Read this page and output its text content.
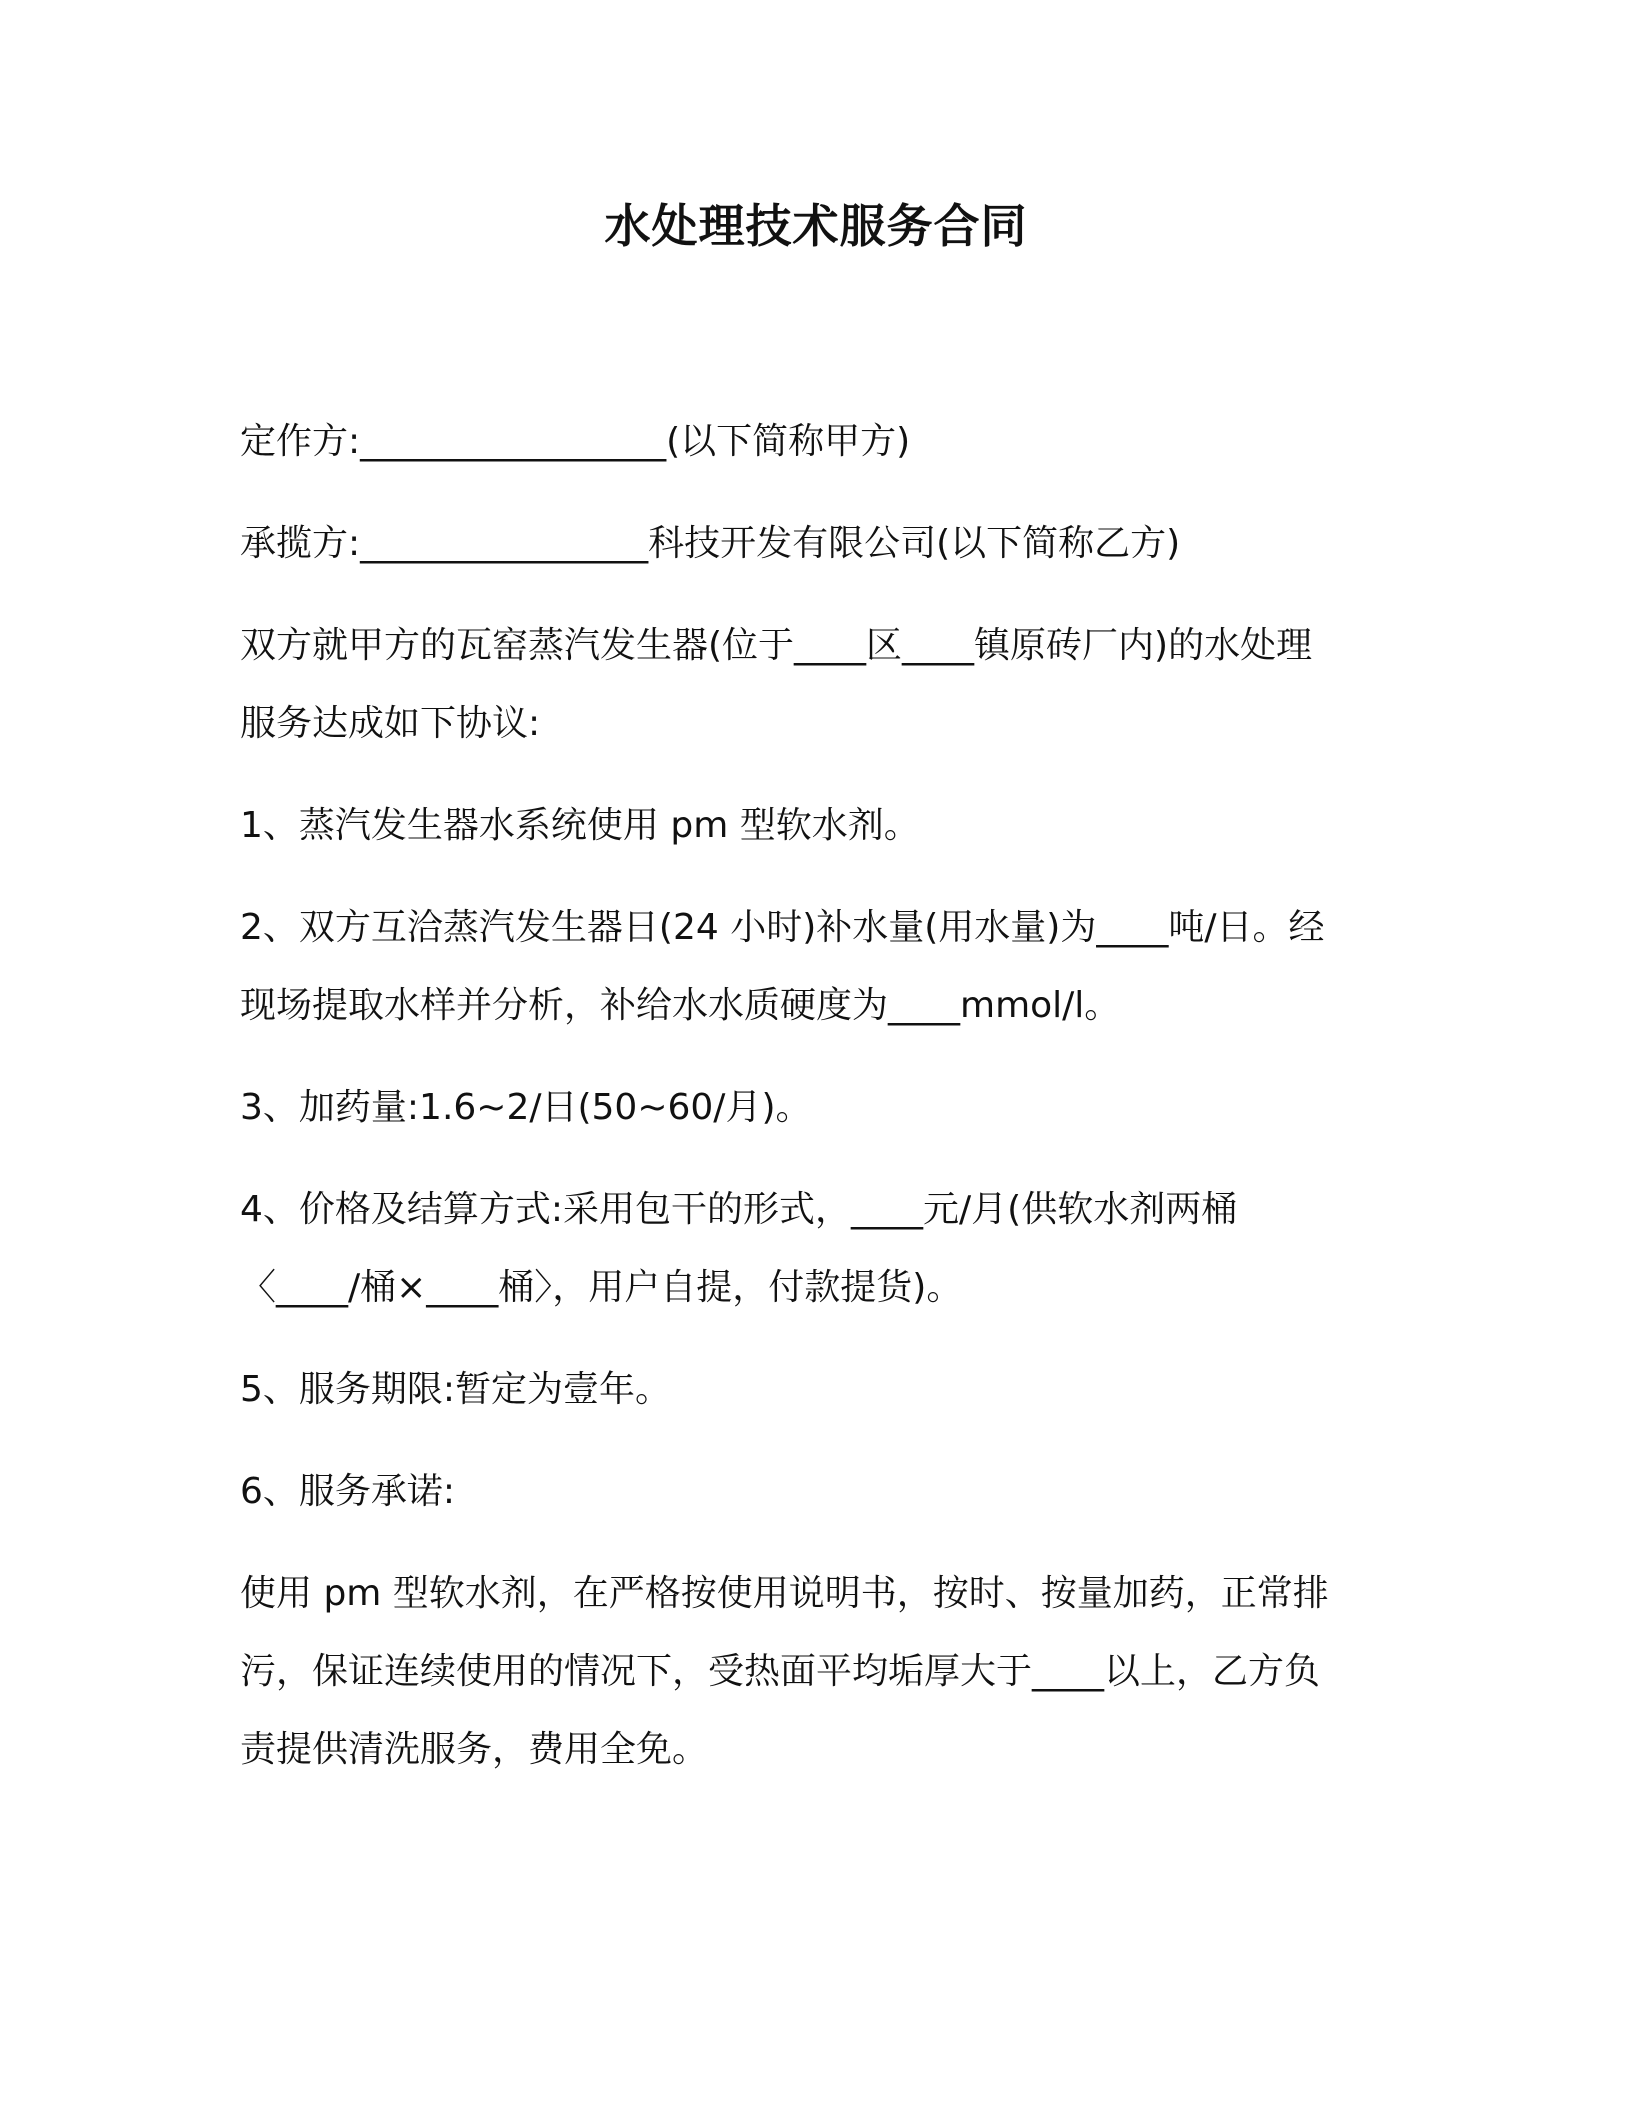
水处理技术服务合同

定作方:_________________(以下简称甲方)

承揽方:________________科技开发有限公司(以下简称乙方)

双方就甲方的瓦窑蒸汽发生器(位于____区____镇原砖厂内)的水处理

服务达成如下协议:

1、蒸汽发生器水系统使用 pm 型软水剂。

2、双方互洽蒸汽发生器日(24 小时)补水量(用水量)为____吨/日。经

现场提取水样并分析，补给水水质硬度为____mmol/l。

3、加药量:1.6~2/日(50~60/月)。

4、价格及结算方式:采用包干的形式，____元/月(供软水剂两桶

〈____/桶×____桶〉，用户自提，付款提货)。

5、服务期限:暂定为壹年。

6、服务承诺:

使用 pm 型软水剂，在严格按使用说明书，按时、按量加药，正常排

污，保证连续使用的情况下，受热面平均垢厚大于____以上，乙方负

责提供清洗服务，费用全免。
